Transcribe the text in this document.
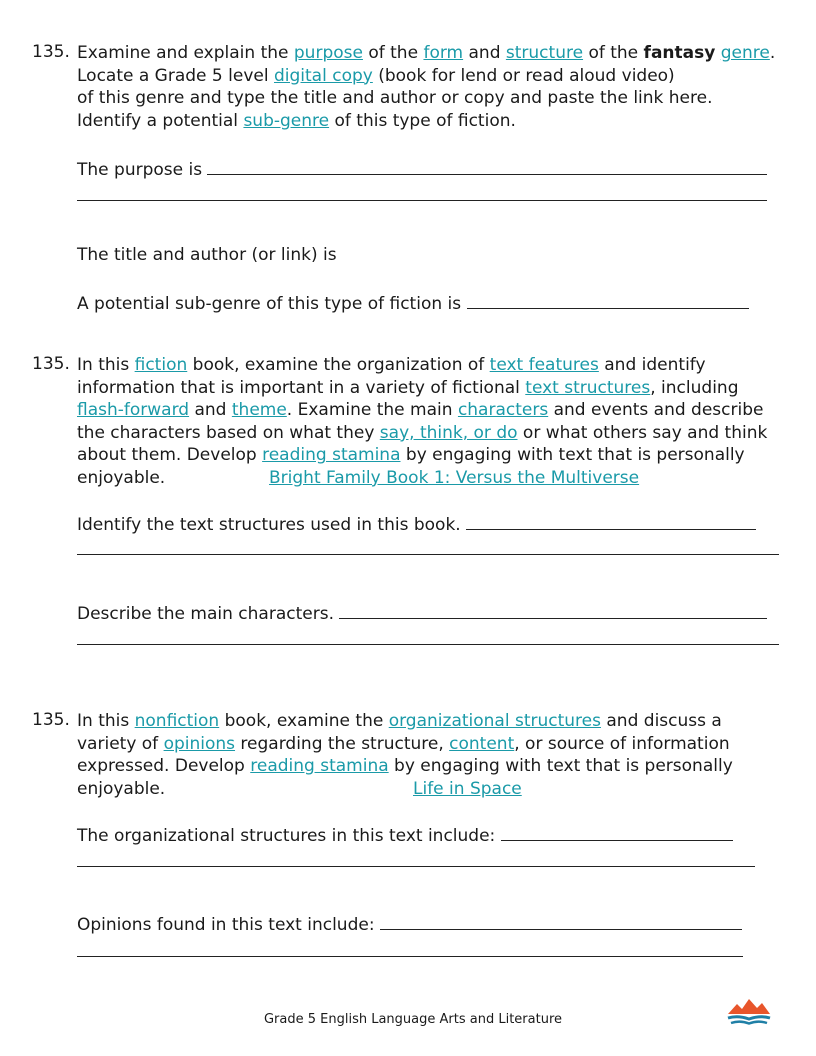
135. Examine and explain the purpose of the form and structure of the fantasy genre.
Locate a Grade 5 level digital copy (book for lend or read aloud video)
of this genre and type the title and author or copy and paste the link here.
Identify a potential sub-genre of this type of fiction.
The purpose is
The title and author (or link) is
A potential sub-genre of this type of fiction is
135. In this fiction book, examine the organization of text features and identify
information that is important in a variety of fictional text structures, including
flash-forward and theme. Examine the main characters and events and describe
the characters based on what they say, think, or do or what others say and think
about them. Develop reading stamina by engaging with text that is personally
enjoyable.	Bright Family Book 1: Versus the Multiverse
Identify the text structures used in this book.
Describe the main characters.
135. In this nonfiction book, examine the organizational structures and discuss a
variety of opinions regarding the structure, content, or source of information
expressed. Develop reading stamina by engaging with text that is personally
enjoyable.	Life in Space
The organizational structures in this text include:
Opinions found in this text include:
Grade 5 English Language Arts and Literature
